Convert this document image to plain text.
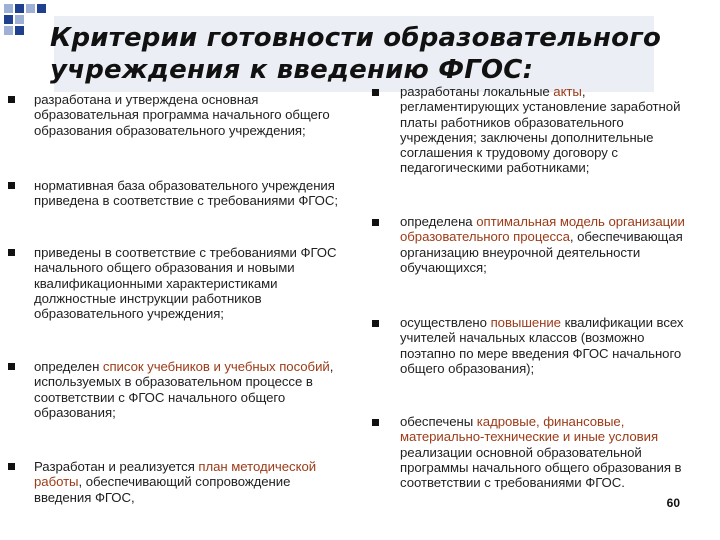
Критерии готовности образовательного
учреждения к введению ФГОС:
разработана и утверждена основная образовательная программа начального общего образования образовательного учреждения;
нормативная база образовательного учреждения приведена в соответствие с требованиями ФГОС;
приведены в соответствие с требованиями ФГОС начального общего образования и новыми квалификационными характеристиками должностные инструкции работников образовательного учреждения;
определен список учебников и учебных пособий, используемых в образовательном процессе в соответствии с ФГОС начального общего образования;
Разработан и реализуется план методической работы, обеспечивающий сопровождение введения ФГОС,
разработаны локальные акты, регламентирующих установление заработной платы работников образовательного учреждения; заключены дополнительные соглашения к трудовому договору с педагогическими работниками;
определена оптимальная модель организации образовательного процесса, обеспечивающая организацию внеурочной деятельности обучающихся;
осуществлено повышение квалификации всех учителей начальных классов (возможно поэтапно по мере введения ФГОС начального общего образования);
обеспечены кадровые, финансовые, материально-технические и иные условия реализации основной образовательной программы начального общего образования в соответствии с требованиями ФГОС.
60
